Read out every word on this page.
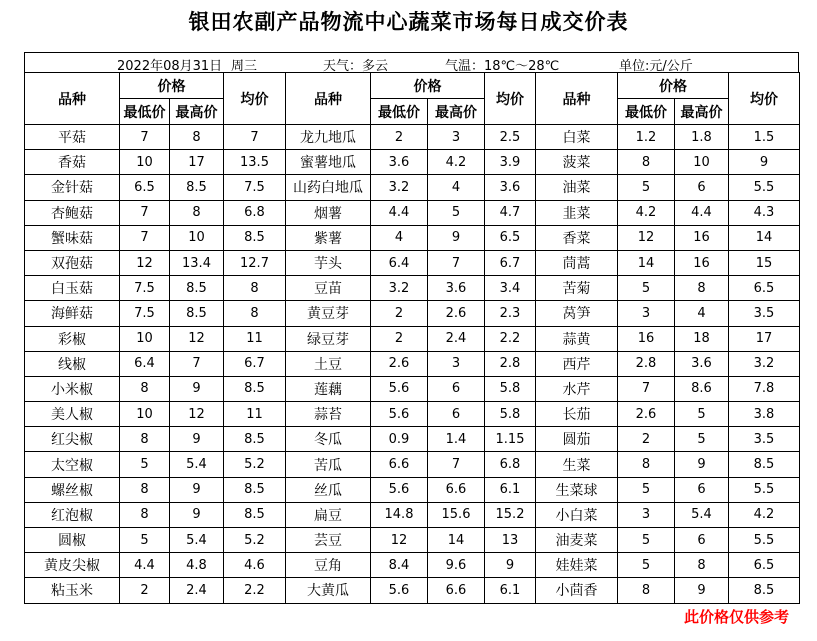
银田农副产品物流中心蔬菜市场每日成交价表
2022年08月31日 周三	天气：多云	气温：18℃～28℃	单位:元/公斤
品种	价格		均价	品种	价格		均价	品种	价格		均价
	最低价	最高价			最低价	最高价			最低价	最高价	
平菇	7	8	7	龙九地瓜	2	3	2.5	白菜	1.2	1.8	1.5
香菇	10	17	13.5	蜜薯地瓜	3.6	4.2	3.9	菠菜	8	10	9
金针菇	6.5	8.5	7.5	山药白地瓜	3.2	4	3.6	油菜	5	6	5.5
杏鲍菇	7	8	6.8	烟薯	4.4	5	4.7	韭菜	4.2	4.4	4.3
蟹味菇	7	10	8.5	紫薯	4	9	6.5	香菜	12	16	14
双孢菇	12	13.4	12.7	芋头	6.4	7	6.7	茼蒿	14	16	15
白玉菇	7.5	8.5	8	豆苗	3.2	3.6	3.4	苦菊	5	8	6.5
海鲜菇	7.5	8.5	8	黄豆芽	2	2.6	2.3	莴笋	3	4	3.5
彩椒	10	12	11	绿豆芽	2	2.4	2.2	蒜黄	16	18	17
线椒	6.4	7	6.7	土豆	2.6	3	2.8	西芹	2.8	3.6	3.2
小米椒	8	9	8.5	莲藕	5.6	6	5.8	水芹	7	8.6	7.8
美人椒	10	12	11	蒜苔	5.6	6	5.8	长茄	2.6	5	3.8
红尖椒	8	9	8.5	冬瓜	0.9	1.4	1.15	圆茄	2	5	3.5
太空椒	5	5.4	5.2	苦瓜	6.6	7	6.8	生菜	8	9	8.5
螺丝椒	8	9	8.5	丝瓜	5.6	6.6	6.1	生菜球	5	6	5.5
红泡椒	8	9	8.5	扁豆	14.8	15.6	15.2	小白菜	3	5.4	4.2
圆椒	5	5.4	5.2	芸豆	12	14	13	油麦菜	5	6	5.5
黄皮尖椒	4.4	4.8	4.6	豆角	8.4	9.6	9	娃娃菜	5	8	6.5
粘玉米	2	2.4	2.2	大黄瓜	5.6	6.6	6.1	小茴香	8	9	8.5
此价格仅供参考
